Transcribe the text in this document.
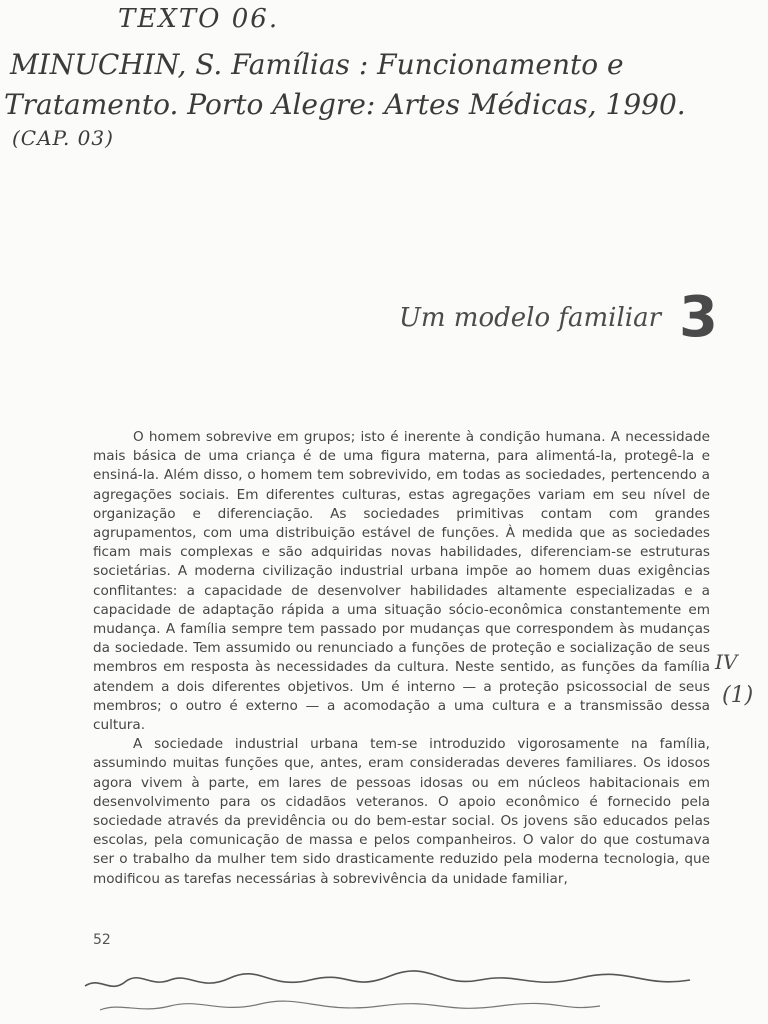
TEXTO 06.
MINUCHIN, S. Famílias : Funcionamento e
Tratamento. Porto Alegre: Artes Médicas, 1990.
(CAP. 03)
Um modelo familiar 3

O homem sobrevive em grupos; isto é inerente à condição humana. A necessidade mais básica de uma criança é de uma figura materna, para alimentá-la, protegê-la e ensiná-la. Além disso, o homem tem sobrevivido, em todas as sociedades, pertencendo a agregações sociais. Em diferentes culturas, estas agregações variam em seu nível de organização e diferenciação. As sociedades primitivas contam com grandes agrupamentos, com uma distribuição estável de funções. À medida que as sociedades ficam mais complexas e são adquiridas novas habilidades, diferenciam-se estruturas societárias. A moderna civilização industrial urbana impõe ao homem duas exigências conflitantes: a capacidade de desenvolver habilidades altamente especializadas e a capacidade de adaptação rápida a uma situação sócio-econômica constantemente em mudança. A família sempre tem passado por mudanças que correspondem às mudanças da sociedade. Tem assumido ou renunciado a funções de proteção e socialização de seus membros em resposta às necessidades da cultura. Neste sentido, as funções da família atendem a dois diferentes objetivos. Um é interno — a proteção psicossocial de seus membros; o outro é externo — a acomodação a uma cultura e a transmissão dessa cultura.

A sociedade industrial urbana tem-se introduzido vigorosamente na família, assumindo muitas funções que, antes, eram consideradas deveres familiares. Os idosos agora vivem à parte, em lares de pessoas idosas ou em núcleos habitacionais em desenvolvimento para os cidadãos veteranos. O apoio econômico é fornecido pela sociedade através da previdência ou do bem-estar social. Os jovens são educados pelas escolas, pela comunicação de massa e pelos companheiros. O valor do que costumava ser o trabalho da mulher tem sido drasticamente reduzido pela moderna tecnologia, que modificou as tarefas necessárias à sobrevivência da unidade familiar,

IV
(1)
52
